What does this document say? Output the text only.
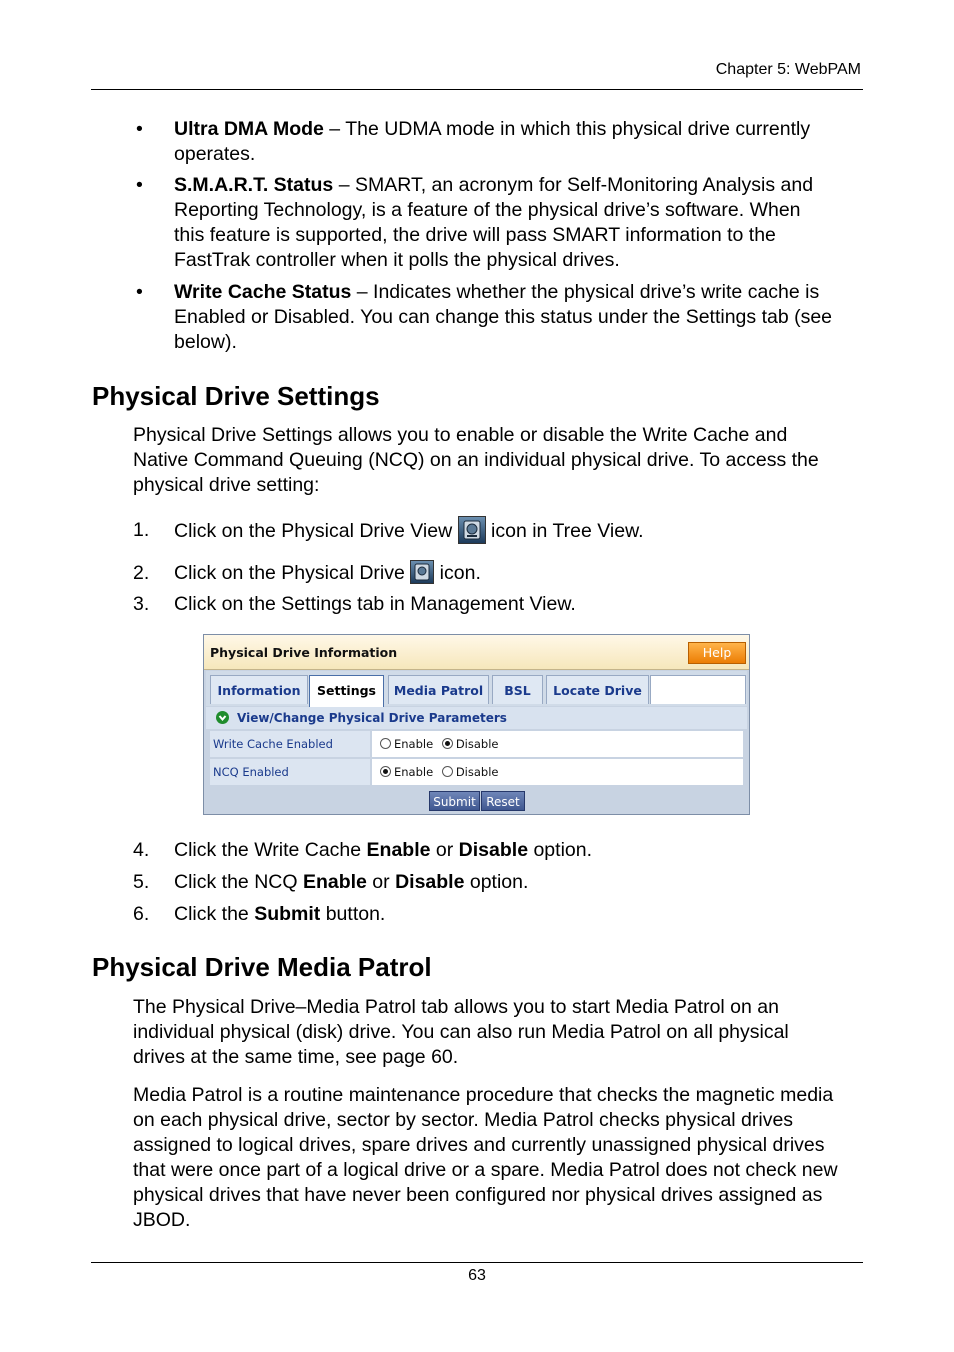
Chapter 5: WebPAM
• Ultra DMA Mode – The UDMA mode in which this physical drive currently
operates.
• S.M.A.R.T. Status – SMART, an acronym for Self-Monitoring Analysis and
Reporting Technology, is a feature of the physical drive’s software. When
this feature is supported, the drive will pass SMART information to the
FastTrak controller when it polls the physical drives.
• Write Cache Status – Indicates whether the physical drive’s write cache is
Enabled or Disabled. You can change this status under the Settings tab (see
below).
Physical Drive Settings
Physical Drive Settings allows you to enable or disable the Write Cache and
Native Command Queuing (NCQ) on an individual physical drive. To access the
physical drive setting:
1. Click on the Physical Drive View
icon in Tree View.
2. Click on the Physical Drive
icon.
3. Click on the Settings tab in Management View.
Physical Drive Information	Help
Information	Settings	Media Patrol	BSL	Locate Drive
View/Change Physical Drive Parameters
Write Cache Enabled	Enable Disable
NCQ Enabled	Enable Disable
Submit Reset
4. Click the Write Cache Enable or Disable option.
5. Click the NCQ Enable or Disable option.
6. Click the Submit button.
Physical Drive Media Patrol
The Physical Drive–Media Patrol tab allows you to start Media Patrol on an
individual physical (disk) drive. You can also run Media Patrol on all physical
drives at the same time, see page 60.
Media Patrol is a routine maintenance procedure that checks the magnetic media
on each physical drive, sector by sector. Media Patrol checks physical drives
assigned to logical drives, spare drives and currently unassigned physical drives
that were once part of a logical drive or a spare. Media Patrol does not check new
physical drives that have never been configured nor physical drives assigned as
JBOD.
63
